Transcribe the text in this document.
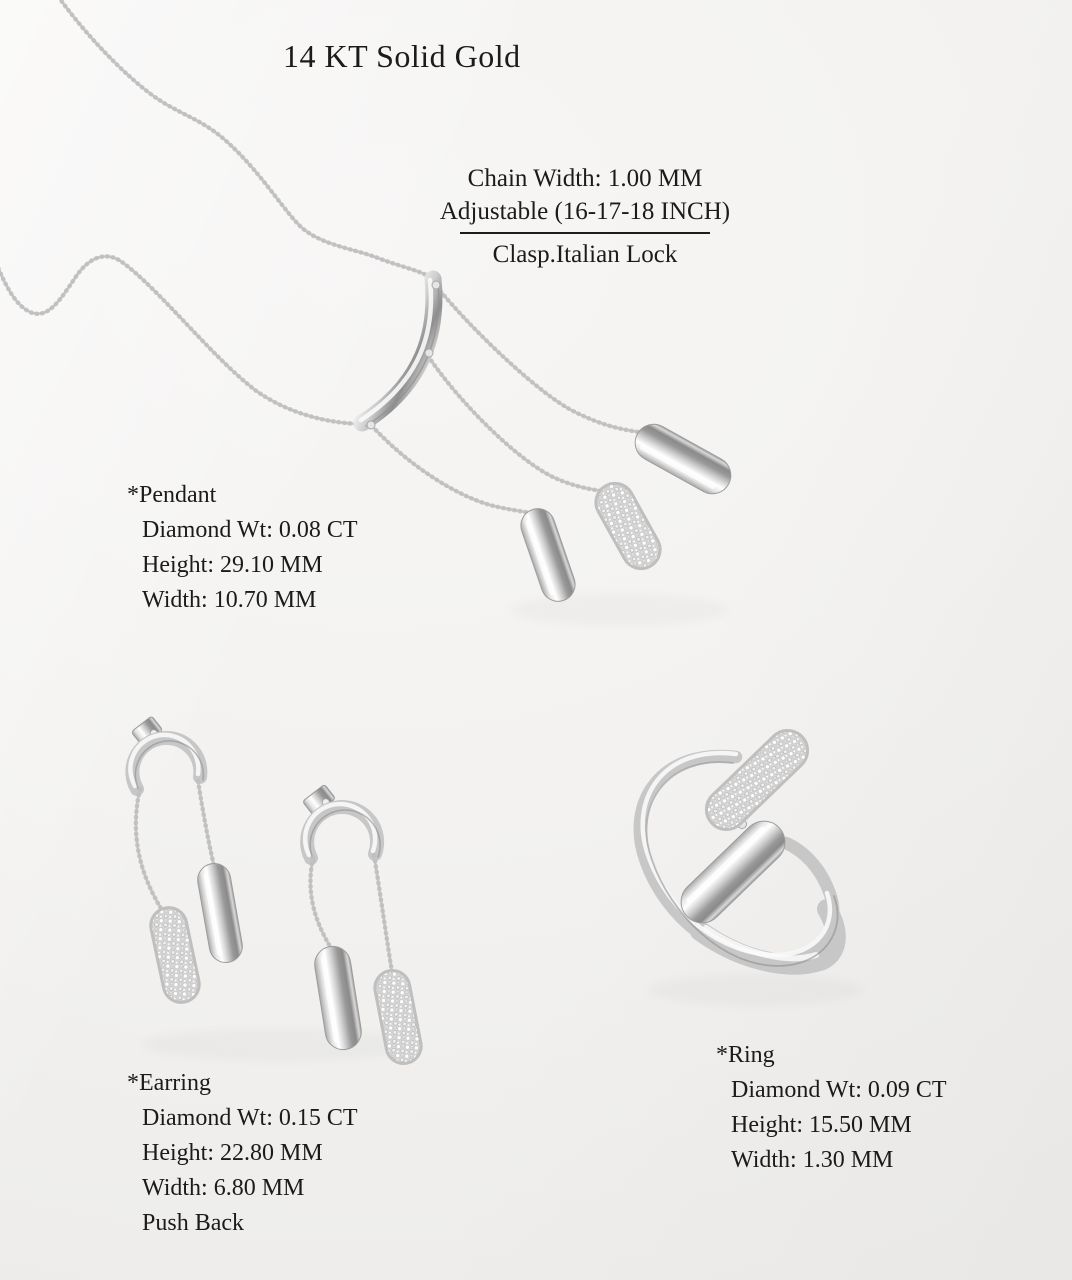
14 KT Solid Gold
Chain Width: 1.00 MM
Adjustable (16-17-18 INCH)
Clasp.Italian Lock
*Pendant
Diamond Wt: 0.08 CT
Height: 29.10 MM
Width: 10.70 MM
*Earring
Diamond Wt: 0.15 CT
Height: 22.80 MM
Width: 6.80 MM
Push Back
*Ring
Diamond Wt: 0.09 CT
Height: 15.50 MM
Width: 1.30 MM
